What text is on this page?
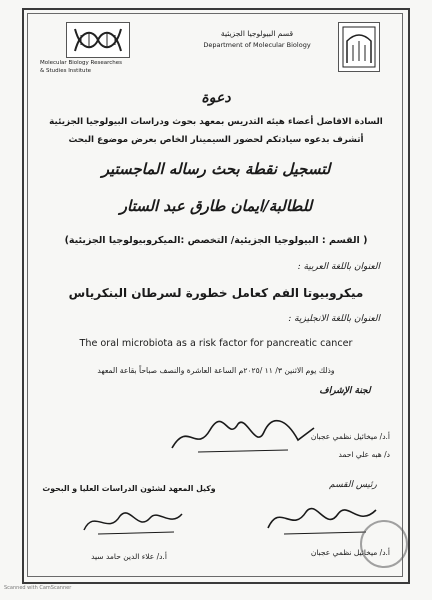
Molecular Biology Researches
& Studies Institute
قسم البيولوجيا الجزيئية
Department of Molecular Biology
دعوة
السادة الافاضل أعضاء هيئه التدريس بمعهد بحوث ودراسات البيولوجيا الجزيئية
أتشرف بدعوه سيادتكم لحضور السيمينار الخاص بعرض موضوع البحث
لتسجيل نقطة بحث رساله الماجستير
للطالبة/ايمان طارق عبد الستار
( القسم : البيولوجيا الجزيئية/ التخصص :الميكروبيولوجيا الجزيئية)
العنوان باللغة العربية :
ميكروبيوتا الفم كعامل خطورة لسرطان البنكرياس
العنوان باللغة الانجليزية :
The oral microbiota as a risk factor for pancreatic cancer
وذلك يوم الاثنين ٣/ ١١ /٢٠٢٥م الساعة العاشرة والنصف صباحاً بقاعة المعهد
لجنة الإشراف
أ.د/ ميخائيل نظمي عجبان
د/ هبه علي احمد
وكيل المعهد لشئون الدراسات العليا و البحوث
أ.د/ علاء الدين حامد سيد
رئيس القسم
أ.د/ ميخائيل نظمي عجبان
Scanned with CamScanner
